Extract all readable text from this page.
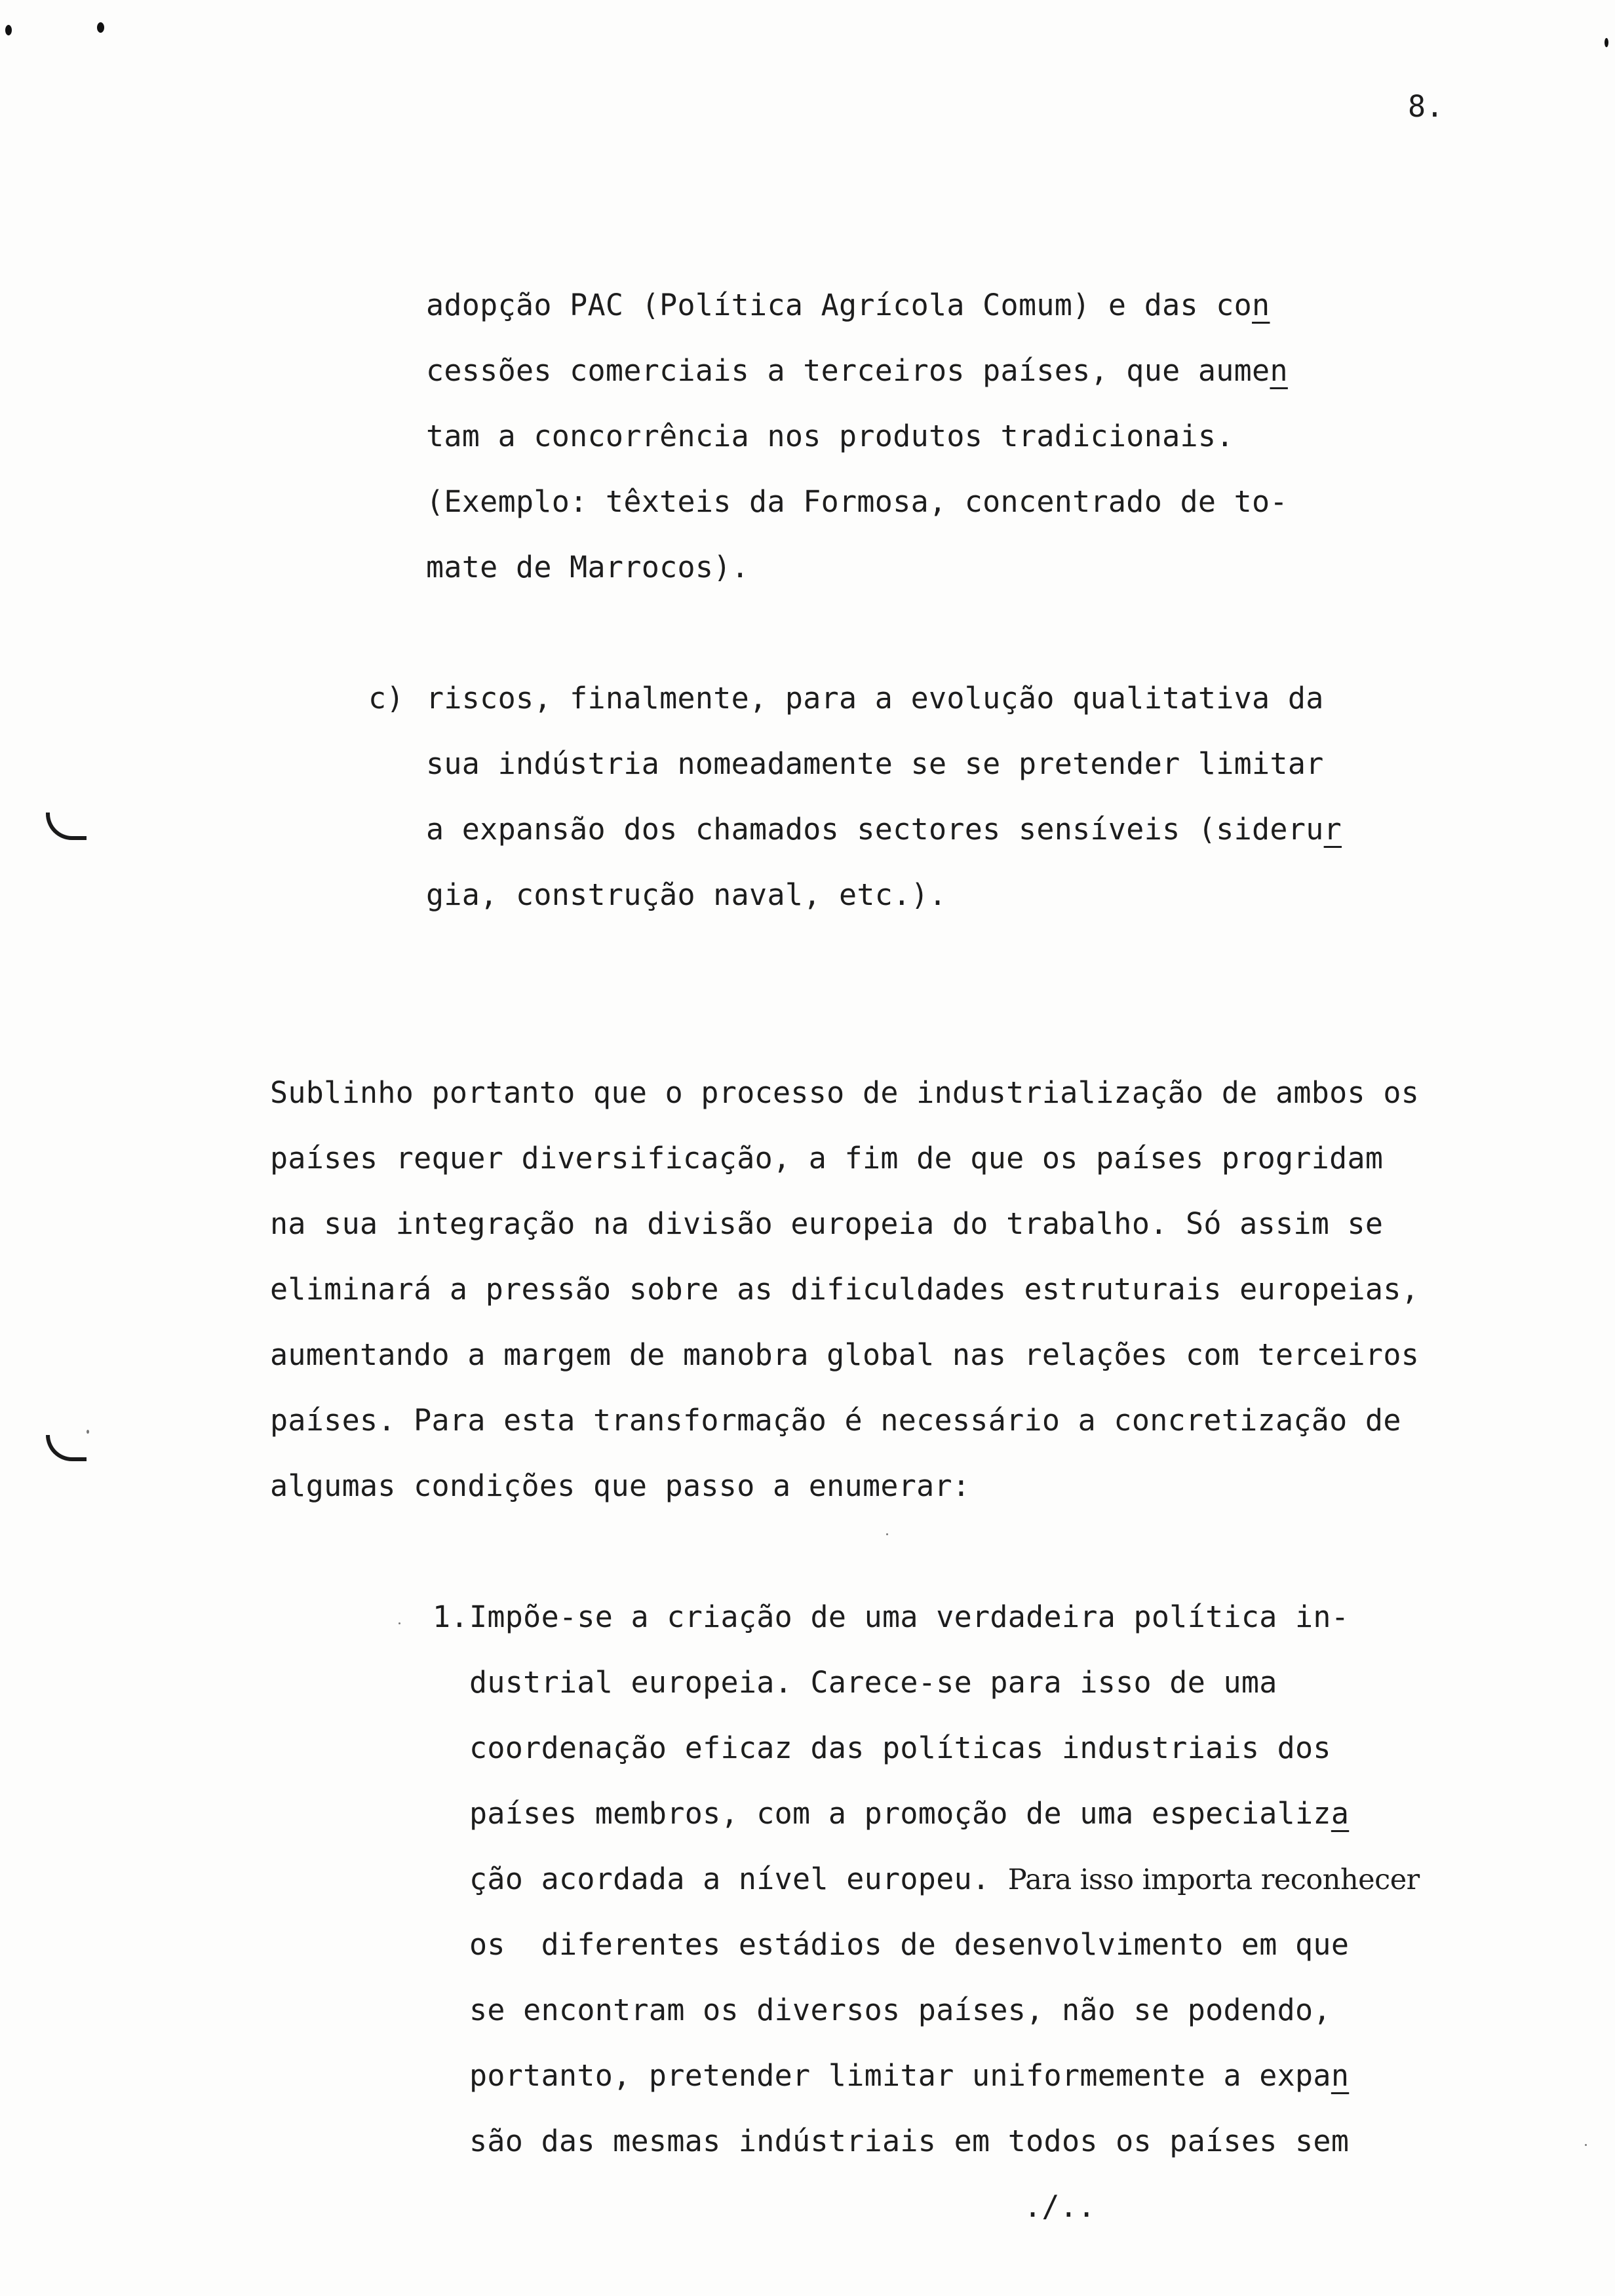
8.
adopção PAC (Política Agrícola Comum) e das con
cessões comerciais a terceiros países, que aumen
tam a concorrência nos produtos tradicionais.
(Exemplo: têxteis da Formosa, concentrado de to-
mate de Marrocos).
c) riscos, finalmente, para a evolução qualitativa da
sua indústria nomeadamente se se pretender limitar
a expansão dos chamados sectores sensíveis (siderur
gia, construção naval, etc.).
Sublinho portanto que o processo de industrialização de ambos os
países requer diversificação, a fim de que os países progridam
na sua integração na divisão europeia do trabalho. Só assim se
eliminará a pressão sobre as dificuldades estruturais europeias,
aumentando a margem de manobra global nas relações com terceiros
países. Para esta transformação é necessário a concretização de
algumas condições que passo a enumerar:
1. Impõe-se a criação de uma verdadeira política in-
dustrial europeia. Carece-se para isso de uma
coordenação eficaz das políticas industriais dos
países membros, com a promoção de uma especializa
ção acordada a nível europeu. Para isso importa reconhecer
os  diferentes estádios de desenvolvimento em que
se encontram os diversos países, não se podendo,
portanto, pretender limitar uniformemente a expan
são das mesmas indústriais em todos os países sem
./..
